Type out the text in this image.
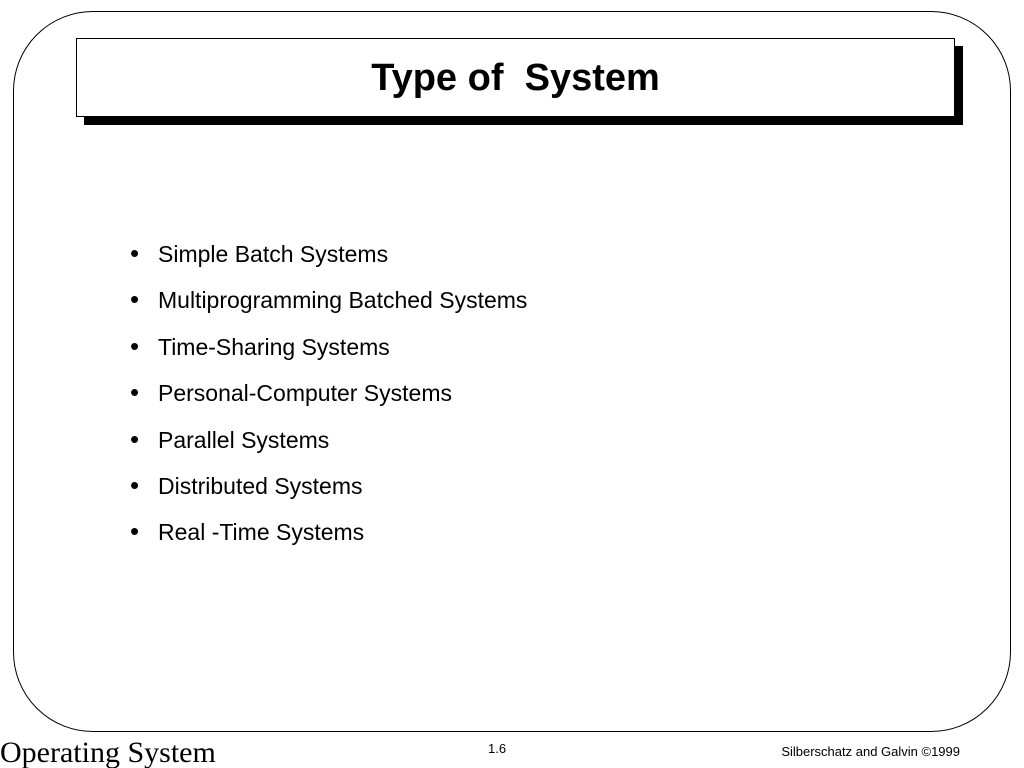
Type of  System
• Simple Batch Systems
• Multiprogramming Batched Systems
• Time-Sharing Systems
• Personal-Computer Systems
• Parallel Systems
• Distributed Systems
• Real -Time Systems
Operating System	1.6	Silberschatz and Galvin ©1999
